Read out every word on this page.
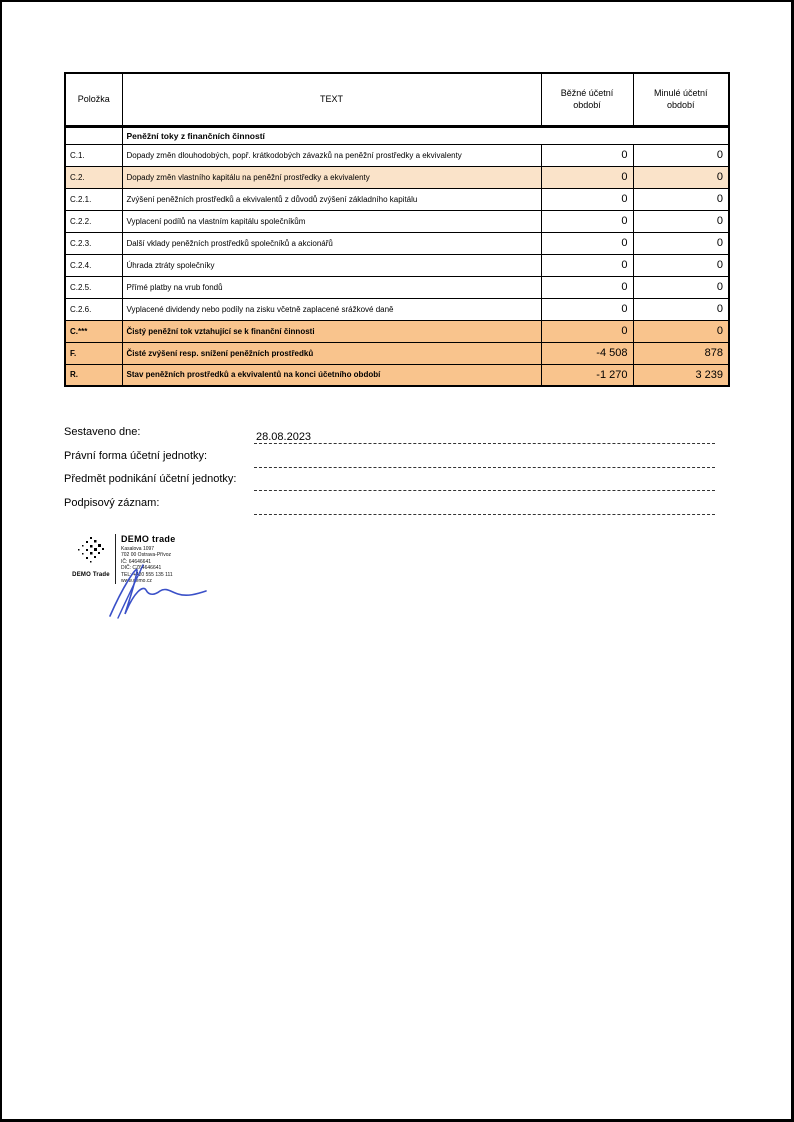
Položka	TEXT	Běžné účetní období	Minulé účetní období
	Peněžní toky z finančních činností		
C.1.	Dopady změn dlouhodobých, popř. krátkodobých závazků na peněžní prostředky a ekvivalenty	0	0
C.2.	Dopady změn vlastního kapitálu na peněžní prostředky a ekvivalenty	0	0
C.2.1.	Zvýšení peněžních prostředků a ekvivalentů z důvodů zvýšení základního kapitálu	0	0
C.2.2.	Vyplacení podílů na vlastním kapitálu společníkům	0	0
C.2.3.	Další vklady peněžních prostředků společníků a akcionářů	0	0
C.2.4.	Úhrada ztráty společníky	0	0
C.2.5.	Přímé platby na vrub fondů	0	0
C.2.6.	Vyplacené dividendy nebo podíly na zisku včetně zaplacené srážkové daně	0	0
C.***	Čistý peněžní tok vztahující se k finanční činnosti	0	0
F.	Čisté zvýšení resp. snížení peněžních prostředků	-4 508	878
R.	Stav peněžních prostředků a ekvivalentů na konci účetního období	-1 270	3 239
Sestaveno dne:	28.08.2023
Právní forma účetní jednotky:
Předmět podnikání účetní jednotky:
Podpisový záznam:
DEMO Trade
DEMO trade
Kasalova 1097
702 00 Ostrava-Přívoz
IČ: 64646641
DIČ: CZ64646641
TEL: +420 555 135 111
www.demo.cz
